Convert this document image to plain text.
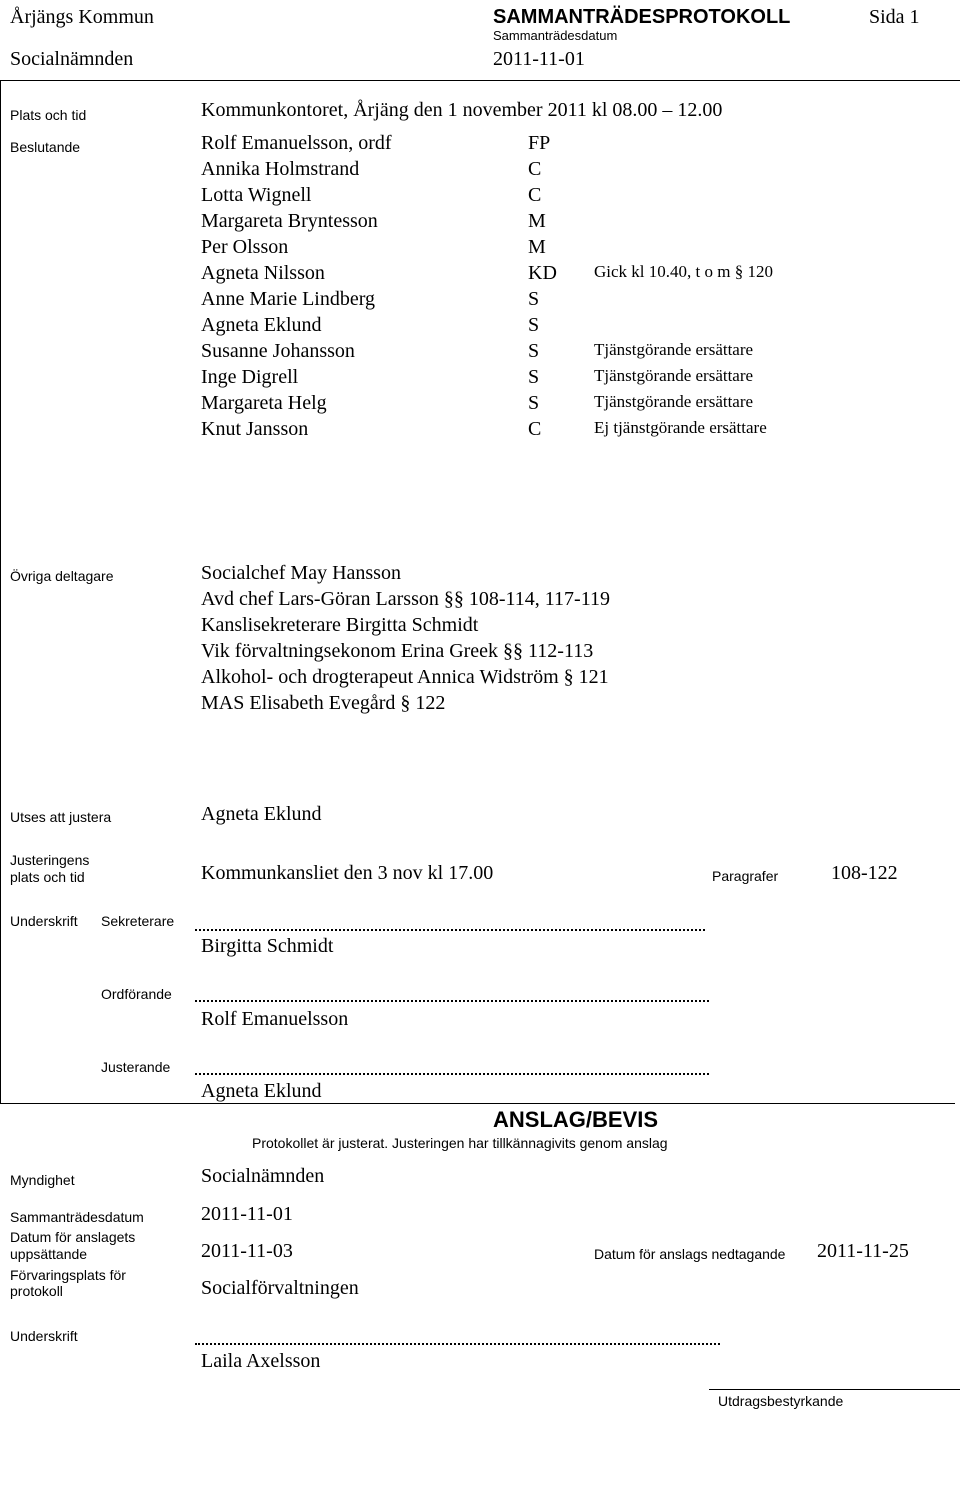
Årjängs Kommun
Socialnämnden
SAMMANTRÄDESPROTOKOLL
Sammanträdesdatum
2011-11-01
Sida 1
Plats och tid	Kommunkontoret, Årjäng den 1 november 2011 kl 08.00 – 12.00
Beslutande	Rolf Emanuelsson, ordf	FP
Annika Holmstrand	C
Lotta Wignell	C
Margareta Bryntesson	M
Per Olsson	M
Agneta Nilsson	KD Gick kl 10.40, t o m § 120
Anne Marie Lindberg	S
Agneta Eklund	S
Susanne Johansson	S	Tjänstgörande ersättare
Inge Digrell	S	Tjänstgörande ersättare
Margareta Helg	S	Tjänstgörande ersättare
Knut Jansson	C	Ej tjänstgörande ersättare
Övriga deltagare	Socialchef May Hansson
Avd chef Lars-Göran Larsson §§ 108-114, 117-119
Kanslisekreterare Birgitta Schmidt
Vik förvaltningsekonom Erina Greek §§ 112-113
Alkohol- och drogterapeut Annica Widström § 121
MAS Elisabeth Evegård § 122
Utses att justera	Agneta Eklund
Justeringens
plats och tid	Kommunkansliet den 3 nov kl 17.00	Paragrafer	108-122
Underskrift Sekreterare
Birgitta Schmidt
Ordförande
Rolf Emanuelsson
Justerande
Agneta Eklund
ANSLAG/BEVIS
Protokollet är justerat. Justeringen har tillkännagivits genom anslag
Myndighet	Socialnämnden
Sammanträdesdatum	2011-11-01
Datum för anslagets
uppsättande	2011-11-03	Datum för anslags nedtagande 2011-11-25
Förvaringsplats för
protokoll	Socialförvaltningen
Underskrift
Laila Axelsson
Utdragsbestyrkande
